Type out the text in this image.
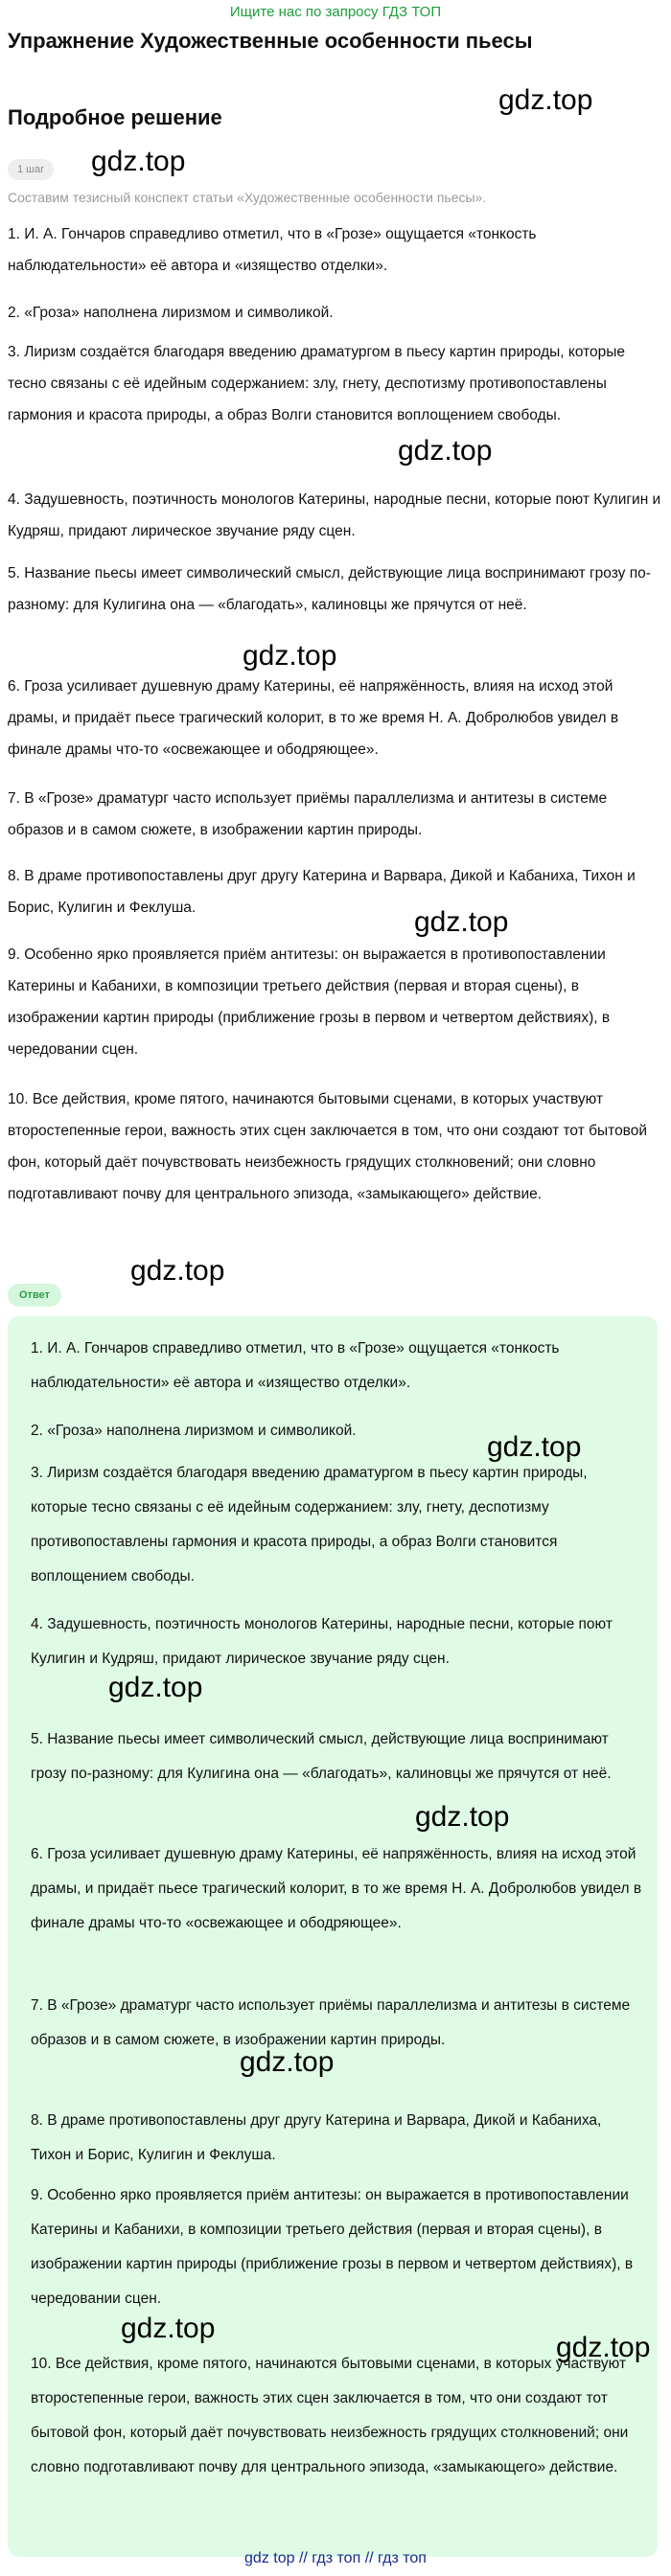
Ищите нас по запросу ГДЗ ТОП
Упражнение Художественные особенности пьесы
Подробное решение
1 шаг

Составим тезисный конспект статьи «Художественные особенности пьесы».

1. И. А. Гончаров справедливо отметил, что в «Грозе» ощущается «тонкость наблюдательности» её автора и «изящество отделки».

2. «Гроза» наполнена лиризмом и символикой.

3. Лиризм создаётся благодаря введению драматургом в пьесу картин природы, которые тесно связаны с её идейным содержанием: злу, гнету, деспотизму противопоставлены гармония и красота природы, а образ Волги становится воплощением свободы.

4. Задушевность, поэтичность монологов Катерины, народные песни, которые поют Кулигин и Кудряш, придают лирическое звучание ряду сцен.

5. Название пьесы имеет символический смысл, действующие лица воспринимают грозу по-разному: для Кулигина она — «благодать», калиновцы же прячутся от неё.

6. Гроза усиливает душевную драму Катерины, её напряжённость, влияя на исход этой драмы, и придаёт пьесе трагический колорит, в то же время Н. А. Добролюбов увидел в финале драмы что-то «освежающее и ободряющее».

7. В «Грозе» драматург часто использует приёмы параллелизма и антитезы в системе образов и в самом сюжете, в изображении картин природы.

8. В драме противопоставлены друг другу Катерина и Варвара, Дикой и Кабаниха, Тихон и Борис, Кулигин и Феклуша.

9. Особенно ярко проявляется приём антитезы: он выражается в противопоставлении Катерины и Кабанихи, в композиции третьего действия (первая и вторая сцены), в изображении картин природы (приближение грозы в первом и четвертом действиях), в чередовании сцен.

10. Все действия, кроме пятого, начинаются бытовыми сценами, в которых участвуют второстепенные герои, важность этих сцен заключается в том, что они создают тот бытовой фон, который даёт почувствовать неизбежность грядущих столкновений; они словно подготавливают почву для центрального эпизода, «замыкающего» действие.

Ответ

1. И. А. Гончаров справедливо отметил, что в «Грозе» ощущается «тонкость наблюдательности» её автора и «изящество отделки».

2. «Гроза» наполнена лиризмом и символикой.

3. Лиризм создаётся благодаря введению драматургом в пьесу картин природы, которые тесно связаны с её идейным содержанием: злу, гнету, деспотизму противопоставлены гармония и красота природы, а образ Волги становится воплощением свободы.

4. Задушевность, поэтичность монологов Катерины, народные песни, которые поют Кулигин и Кудряш, придают лирическое звучание ряду сцен.

5. Название пьесы имеет символический смысл, действующие лица воспринимают грозу по-разному: для Кулигина она — «благодать», калиновцы же прячутся от неё.

6. Гроза усиливает душевную драму Катерины, её напряжённость, влияя на исход этой драмы, и придаёт пьесе трагический колорит, в то же время Н. А. Добролюбов увидел в финале драмы что-то «освежающее и ободряющее».

7. В «Грозе» драматург часто использует приёмы параллелизма и антитезы в системе образов и в самом сюжете, в изображении картин природы.

8. В драме противопоставлены друг другу Катерина и Варвара, Дикой и Кабаниха, Тихон и Борис, Кулигин и Феклуша.

9. Особенно ярко проявляется приём антитезы: он выражается в противопоставлении Катерины и Кабанихи, в композиции третьего действия (первая и вторая сцены), в изображении картин природы (приближение грозы в первом и четвертом действиях), в чередовании сцен.

10. Все действия, кроме пятого, начинаются бытовыми сценами, в которых участвуют второстепенные герои, важность этих сцен заключается в том, что они создают тот бытовой фон, который даёт почувствовать неизбежность грядущих столкновений; они словно подготавливают почву для центрального эпизода, «замыкающего» действие.

gdz.top
gdz.top
gdz.top
gdz.top
gdz.top
gdz.top
gdz.top
gdz.top
gdz.top
gdz.top
gdz.top
gdz.top
gdz top // гдз топ // гдз топ
